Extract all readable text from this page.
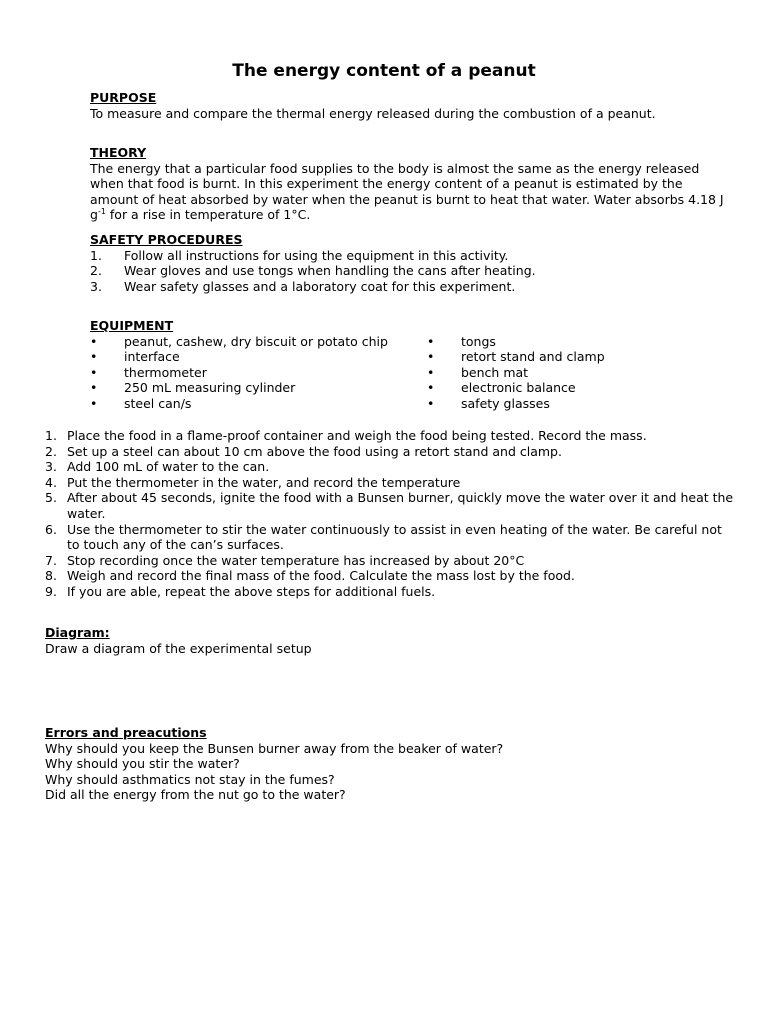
The energy content of a peanut
PURPOSE

To measure and compare the thermal energy released during the combustion of a peanut.

THEORY

The energy that a particular food supplies to the body is almost the same as the energy released when that food is burnt. In this experiment the energy content of a peanut is estimated by the amount of heat absorbed by water when the peanut is burnt to heat that water. Water absorbs 4.18 J $g^{-1}$ for a rise in temperature of 1°C.

SAFETY PROCEDURES
1. Follow all instructions for using the equipment in this activity.
2. Wear gloves and use tongs when handling the cans after heating.
3. Wear safety glasses and a laboratory coat for this experiment.
EQUIPMENT
• peanut, cashew, dry biscuit or potato chip
• interface
• thermometer
• 250 mL measuring cylinder
• steel can/s
• tongs
• retort stand and clamp
• bench mat
• electronic balance
• safety glasses
1. Place the food in a flame-proof container and weigh the food being tested. Record the mass.
2. Set up a steel can about 10 cm above the food using a retort stand and clamp.
3. Add 100 mL of water to the can.
4. Put the thermometer in the water, and record the temperature
5. After about 45 seconds, ignite the food with a Bunsen burner, quickly move the water over it and heat the water.
6. Use the thermometer to stir the water continuously to assist in even heating of the water. Be careful not to touch any of the can’s surfaces.
7. Stop recording once the water temperature has increased by about 20°C
8. Weigh and record the final mass of the food. Calculate the mass lost by the food.
9. If you are able, repeat the above steps for additional fuels.
Diagram:

Draw a diagram of the experimental setup

Errors and preacutions

Why should you keep the Bunsen burner away from the beaker of water?

Why should you stir the water?

Why should asthmatics not stay in the fumes?

Did all the energy from the nut go to the water?
